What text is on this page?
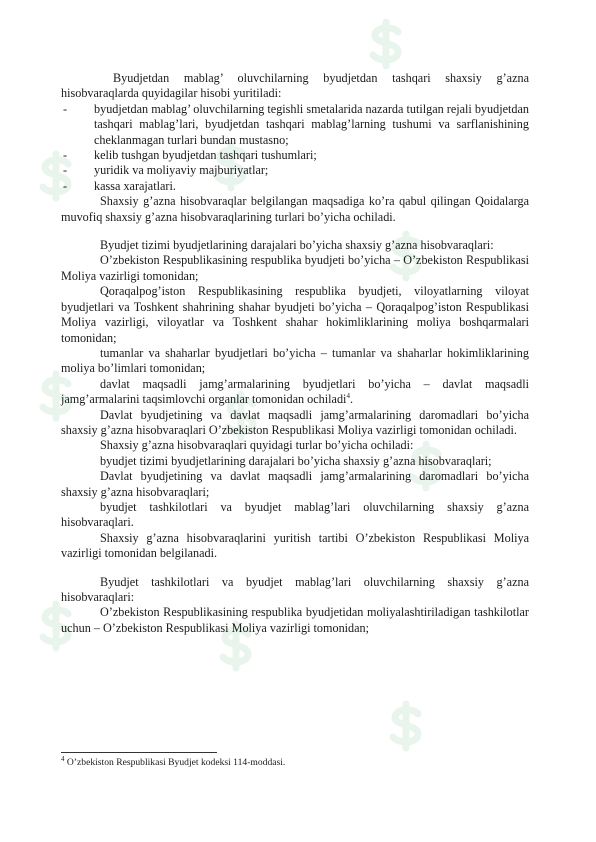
Byudjetdan mablag’ oluvchilarning byudjetdan tashqari shaxsiy g’azna hisobvaraqlarda quyidagilar hisobi yuritiladi:

-	byudjetdan mablag’ oluvchilarning tegishli smetalarida nazarda tutilgan rejali byudjetdan tashqari mablag’lari, byudjetdan tashqari mablag’larning tushumi va sarflanishining cheklanmagan turlari bundan mustasno;
-	kelib tushgan byudjetdan tashqari tushumlari;
-	yuridik va moliyaviy majburiyatlar;
-	kassa xarajatlari.

Shaxsiy g’azna hisobvaraqlar belgilangan maqsadiga ko’ra qabul qilingan Qoidalarga muvofiq shaxsiy g’azna hisobvaraqlarining turlari bo’yicha ochiladi.

Byudjet tizimi byudjetlarining darajalari bo’yicha shaxsiy g’azna hisobvaraqlari:

O’zbekiston Respublikasining respublika byudjeti bo’yicha – O’zbekiston Respublikasi Moliya vazirligi tomonidan;

Qoraqalpog’iston Respublikasining respublika byudjeti, viloyatlarning viloyat byudjetlari va Toshkent shahrining shahar byudjeti bo’yicha – Qoraqalpog’iston Respublikasi Moliya vazirligi, viloyatlar va Toshkent shahar hokimliklarining moliya boshqarmalari tomonidan;

tumanlar va shaharlar byudjetlari bo’yicha – tumanlar va shaharlar hokimliklarining moliya bo’limlari tomonidan;

davlat maqsadli jamg’armalarining byudjetlari bo’yicha – davlat maqsadli jamg’armalarini taqsimlovchi organlar tomonidan ochiladi$^4$.

Davlat byudjetining va davlat maqsadli jamg’armalarining daromadlari bo’yicha shaxsiy g’azna hisobvaraqlari O’zbekiston Respublikasi Moliya vazirligi tomonidan ochiladi.

Shaxsiy g’azna hisobvaraqlari quyidagi turlar bo’yicha ochiladi:

byudjet tizimi byudjetlarining darajalari bo’yicha shaxsiy g’azna hisobvaraqlari;

Davlat byudjetining va davlat maqsadli jamg’armalarining daromadlari bo’yicha shaxsiy g’azna hisobvaraqlari;

byudjet tashkilotlari va byudjet mablag’lari oluvchilarning shaxsiy g’azna hisobvaraqlari.

Shaxsiy g’azna hisobvaraqlarini yuritish tartibi O’zbekiston Respublikasi Moliya vazirligi tomonidan belgilanadi.

Byudjet tashkilotlari va byudjet mablag’lari oluvchilarning shaxsiy g’azna hisobvaraqlari:

O’zbekiston Respublikasining respublika byudjetidan moliyalashtiriladigan tashkilotlar uchun – O’zbekiston Respublikasi Moliya vazirligi tomonidan;

$^4$ O’zbekiston Respublikasi Byudjet kodeksi 114-moddasi.
